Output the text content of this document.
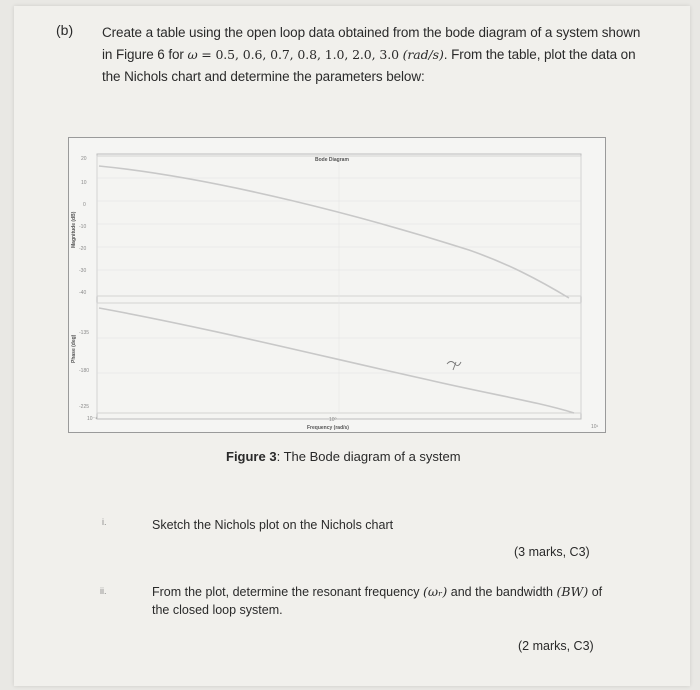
(b) Create a table using the open loop data obtained from the bode diagram of a system shown in Figure 6 for ω = 0.5, 0.6, 0.7, 0.8, 1.0, 2.0, 3.0 (rad/s). From the table, plot the data on the Nichols chart and determine the parameters below:
Bode Diagram
Magnitude (dB)
Phase (deg)
Frequency (rad/s)
20
10
0
-10
-20
-30
-40
-135
-180
-225
10⁻¹	10⁰
10¹
Figure 3: The Bode diagram of a system
i.	Sketch the Nichols plot on the Nichols chart
(3 marks, C3)
ii.	From the plot, determine the resonant frequency (ωᵣ) and the bandwidth (BW) of the closed loop system.
(2 marks, C3)
